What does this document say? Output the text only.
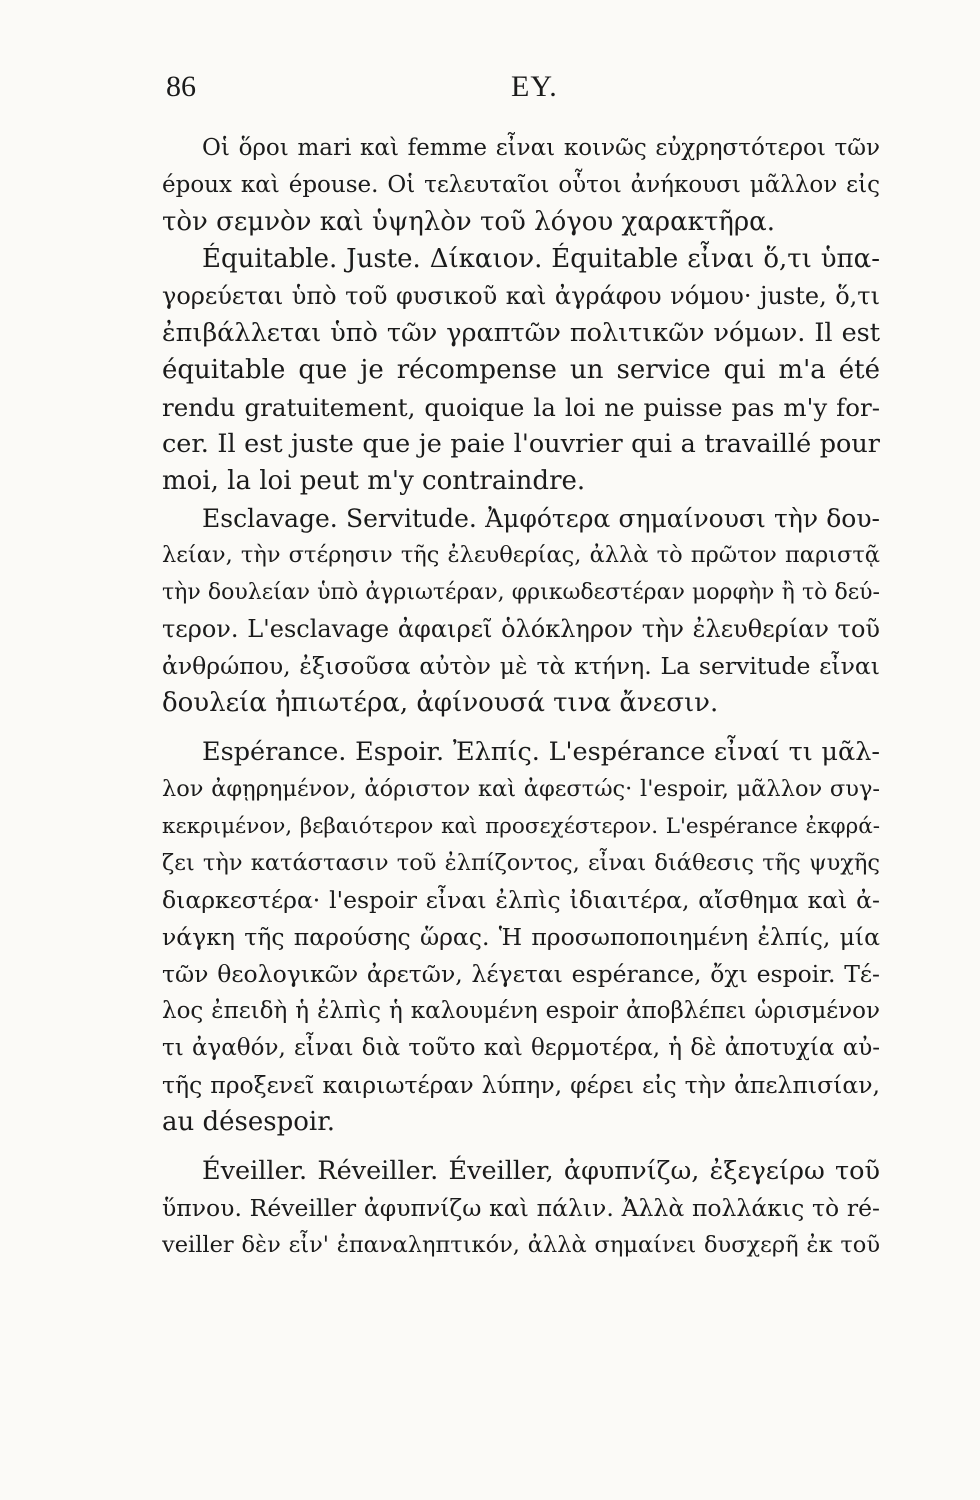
86	ΕΥ.
Οἱ ὅροι mari καὶ femme εἶναι κοινῶς εὐχρηστότεροι τῶν
époux καὶ épouse. Οἱ τελευταῖοι οὗτοι ἀνήκουσι μᾶλλον εἰς
τὸν σεμνὸν καὶ ὑψηλὸν τοῦ λόγου χαρακτῆρα.
Équitable. Juste. Δίκαιον. Équitable εἶναι ὅ,τι ὑπα-
γορεύεται ὑπὸ τοῦ φυσικοῦ καὶ ἀγράφου νόμου· juste, ὅ,τι
ἐπιβάλλεται ὑπὸ τῶν γραπτῶν πολιτικῶν νόμων. Il est
équitable que je récompense un service qui m'a été
rendu gratuitement, quoique la loi ne puisse pas m'y for-
cer. Il est juste que je paie l'ouvrier qui a travaillé pour
moi, la loi peut m'y contraindre.
Esclavage. Servitude. Ἀμφότερα σημαίνουσι τὴν δου-
λείαν, τὴν στέρησιν τῆς ἐλευθερίας, ἀλλὰ τὸ πρῶτον παριστᾷ
τὴν δουλείαν ὑπὸ ἀγριωτέραν, φρικωδεστέραν μορφὴν ἢ τὸ δεύ-
τερον. L'esclavage ἀφαιρεῖ ὁλόκληρον τὴν ἐλευθερίαν τοῦ
ἀνθρώπου, ἐξισοῦσα αὐτὸν μὲ τὰ κτήνη. La servitude εἶναι
δουλεία ἠπιωτέρα, ἀφίνουσά τινα ἄνεσιν.
Espérance. Espoir. Ἐλπίς. L'espérance εἶναί τι μᾶλ-
λον ἀφῃρημένον, ἀόριστον καὶ ἀφεστώς· l'espoir, μᾶλλον συγ-
κεκριμένον, βεβαιότερον καὶ προσεχέστερον. L'espérance ἐκφρά-
ζει τὴν κατάστασιν τοῦ ἐλπίζοντος, εἶναι διάθεσις τῆς ψυχῆς
διαρκεστέρα· l'espoir εἶναι ἐλπὶς ἰδιαιτέρα, αἴσθημα καὶ ἀ-
νάγκη τῆς παρούσης ὥρας. Ἡ προσωποποιημένη ἐλπίς, μία
τῶν θεολογικῶν ἀρετῶν, λέγεται espérance, ὄχι espoir. Τέ-
λος ἐπειδὴ ἡ ἐλπὶς ἡ καλουμένη espoir ἀποβλέπει ὡρισμένον
τι ἀγαθόν, εἶναι διὰ τοῦτο καὶ θερμοτέρα, ἡ δὲ ἀποτυχία αὐ-
τῆς προξενεῖ καιριωτέραν λύπην, φέρει εἰς τὴν ἀπελπισίαν,
au désespoir.
Éveiller. Réveiller. Éveiller, ἀφυπνίζω, ἐξεγείρω τοῦ
ὕπνου. Réveiller ἀφυπνίζω καὶ πάλιν. Ἀλλὰ πολλάκις τὸ ré-
veiller δὲν εἶν' ἐπαναληπτικόν, ἀλλὰ σημαίνει δυσχερῆ ἐκ τοῦ
